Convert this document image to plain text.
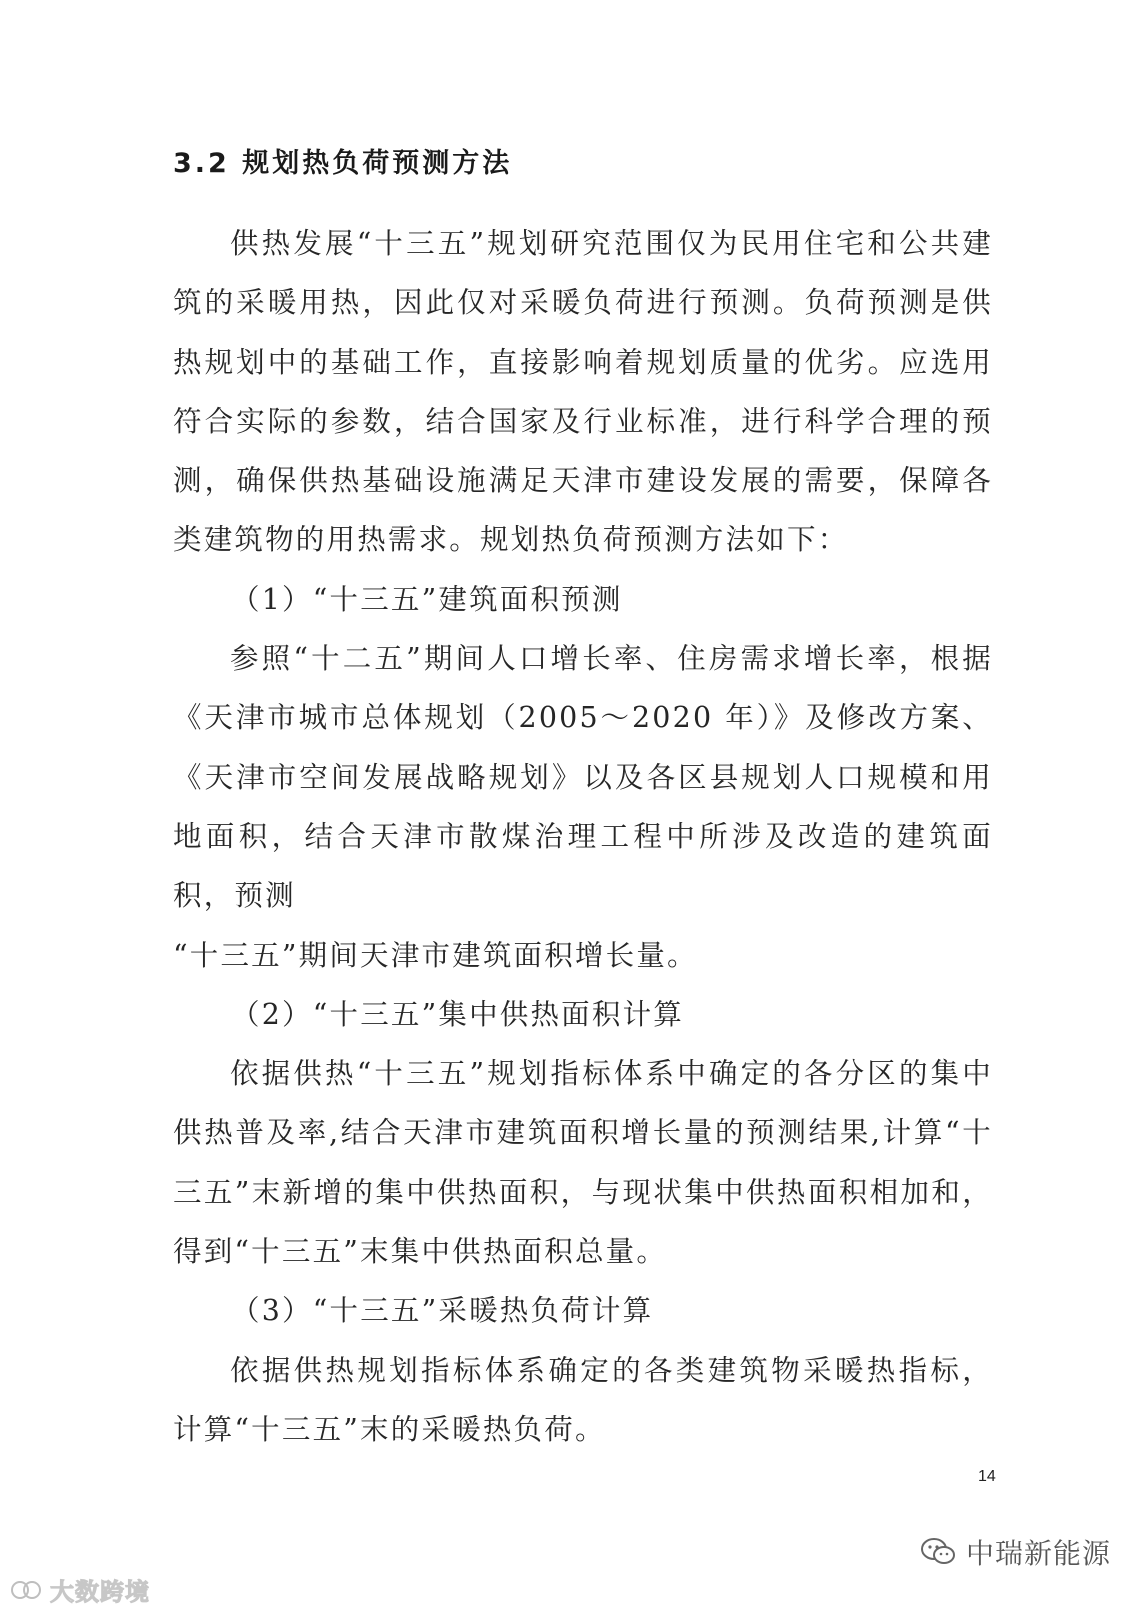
3.2 规划热负荷预测方法

供热发展“十三五”规划研究范围仅为民用住宅和公共建筑的采暖用热，因此仅对采暖负荷进行预测。负荷预测是供热规划中的基础工作，直接影响着规划质量的优劣。应选用符合实际的参数，结合国家及行业标准，进行科学合理的预测，确保供热基础设施满足天津市建设发展的需要，保障各类建筑物的用热需求。规划热负荷预测方法如下：

（1）“十三五”建筑面积预测

参照“十二五”期间人口增长率、住房需求增长率，根据《天津市城市总体规划（2005～2020 年）》及修改方案、《天津市空间发展战略规划》以及各区县规划人口规模和用地面积，结合天津市散煤治理工程中所涉及改造的建筑面积，预测

“十三五”期间天津市建筑面积增长量。

（2）“十三五”集中供热面积计算

依据供热“十三五”规划指标体系中确定的各分区的集中供热普及率,结合天津市建筑面积增长量的预测结果,计算“十三五”末新增的集中供热面积，与现状集中供热面积相加和，得到“十三五”末集中供热面积总量。

（3）“十三五”采暖热负荷计算

依据供热规划指标体系确定的各类建筑物采暖热指标，计算“十三五”末的采暖热负荷。

14
大数跨境
中瑞新能源
